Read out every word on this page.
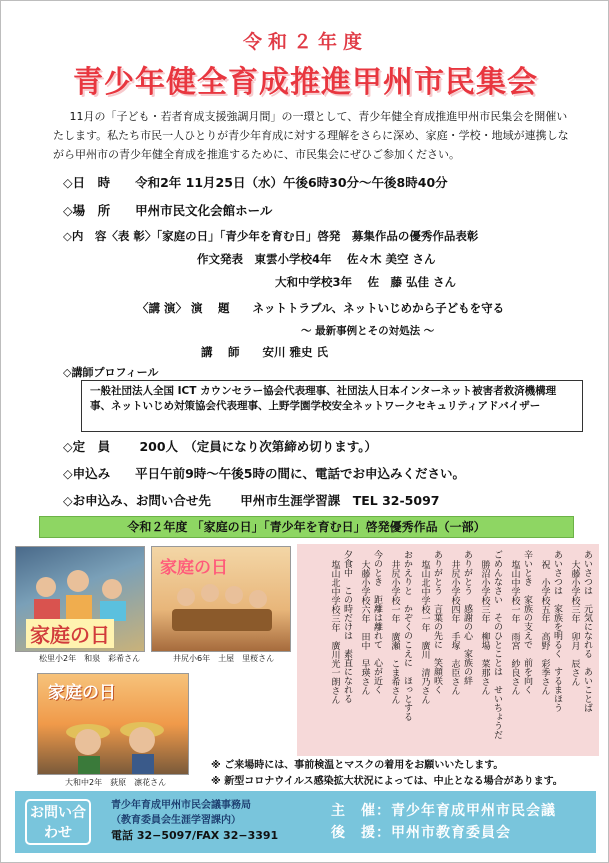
令和２年度
青少年健全育成推進甲州市民集会
11月の「子ども・若者育成支援強調月間」の一環として、青少年健全育成推進甲州市民集会を開催いたします。私たち市民一人ひとりが青少年育成に対する理解をさらに深め、家庭・学校・地域が連携しながら甲州市の青少年健全育成を推進するために、市民集会にぜひご参加ください。
◇日　時　　令和2年 11月25日（水）午後6時30分～午後8時40分
◇場　所　　甲州市民文化会館ホール
◇内　容〈表 彰〉「家庭の日」「青少年を育む日」啓発　募集作品の優秀作品表彰
作文発表　東雲小学校4年　 佐々木 美空 さん
大和中学校3年　 佐　藤 弘佳 さん
〈講 演〉 演　 題　　ネットトラブル、ネットいじめから子どもを守る
～ 最新事例とその対処法 ～
講　 師　　安川 雅史 氏
◇講師プロフィール
一般社団法人全国 ICT カウンセラー協会代表理事、社団法人日本インターネット被害者救済機構理事、ネットいじめ対策協会代表理事、上野学園学校安全ネットワークセキュリティアドバイザー
◇定　員　　 200人　（定員になり次第締め切ります。）
◇申込み　　平日午前9時～午後5時の間に、電話でお申込みください。
◇お申込み、お問い合せ先　　 甲州市生涯学習課　TEL 32-5097
令和２年度 「家庭の日」「青少年を育む日」啓発優秀作品（一部）
家庭の日
松里小2年　和泉　彩希さん
家庭の日
井尻小6年　土屋　里桜さん
家庭の日
大和中2年　荻原　凛花さん
あいさつは　元気になれる　あいことば
大藤小学校三年　卯月　辰さん
あいさつは　家族を明るく　するまほう
祝　小学校五年　高野　彩季さん
辛いとき　家族の支えで　前を向く
塩山中学校一年　雨宮　紗良さん
ごめんなさい　そのひとことは　せいちょうだ
勝沼小学校三年　柳場　菜那さん
ありがとう　感謝の心　家族の絆
井尻小学校四年　手塚　志臣さん
ありがとう　言葉の先に　笑顔咲く
塩山北中学校一年　廣川　清乃さん
おかえりと　かぞくのこえに　ほっとする
井尻小学校一年　廣瀬　こま希さん
今のとき　距離は離れて　心が近く
大藤小学校六年　田中　早瑛さん
夕食中　この時だけは　素直になれる
塩山北中学校三年　廣川光一朗さん
※ ご来場時には、事前検温とマスクの着用をお願いいたします。
※ 新型コロナウイルス感染拡大状況によっては、中止となる場合があります。
お問い合わせ
青少年育成甲州市民会議事務局
（教育委員会生涯学習課内）
電話 32−5097/FAX 32−3391
主　催：青少年育成甲州市民会議
後　援：甲州市教育委員会
